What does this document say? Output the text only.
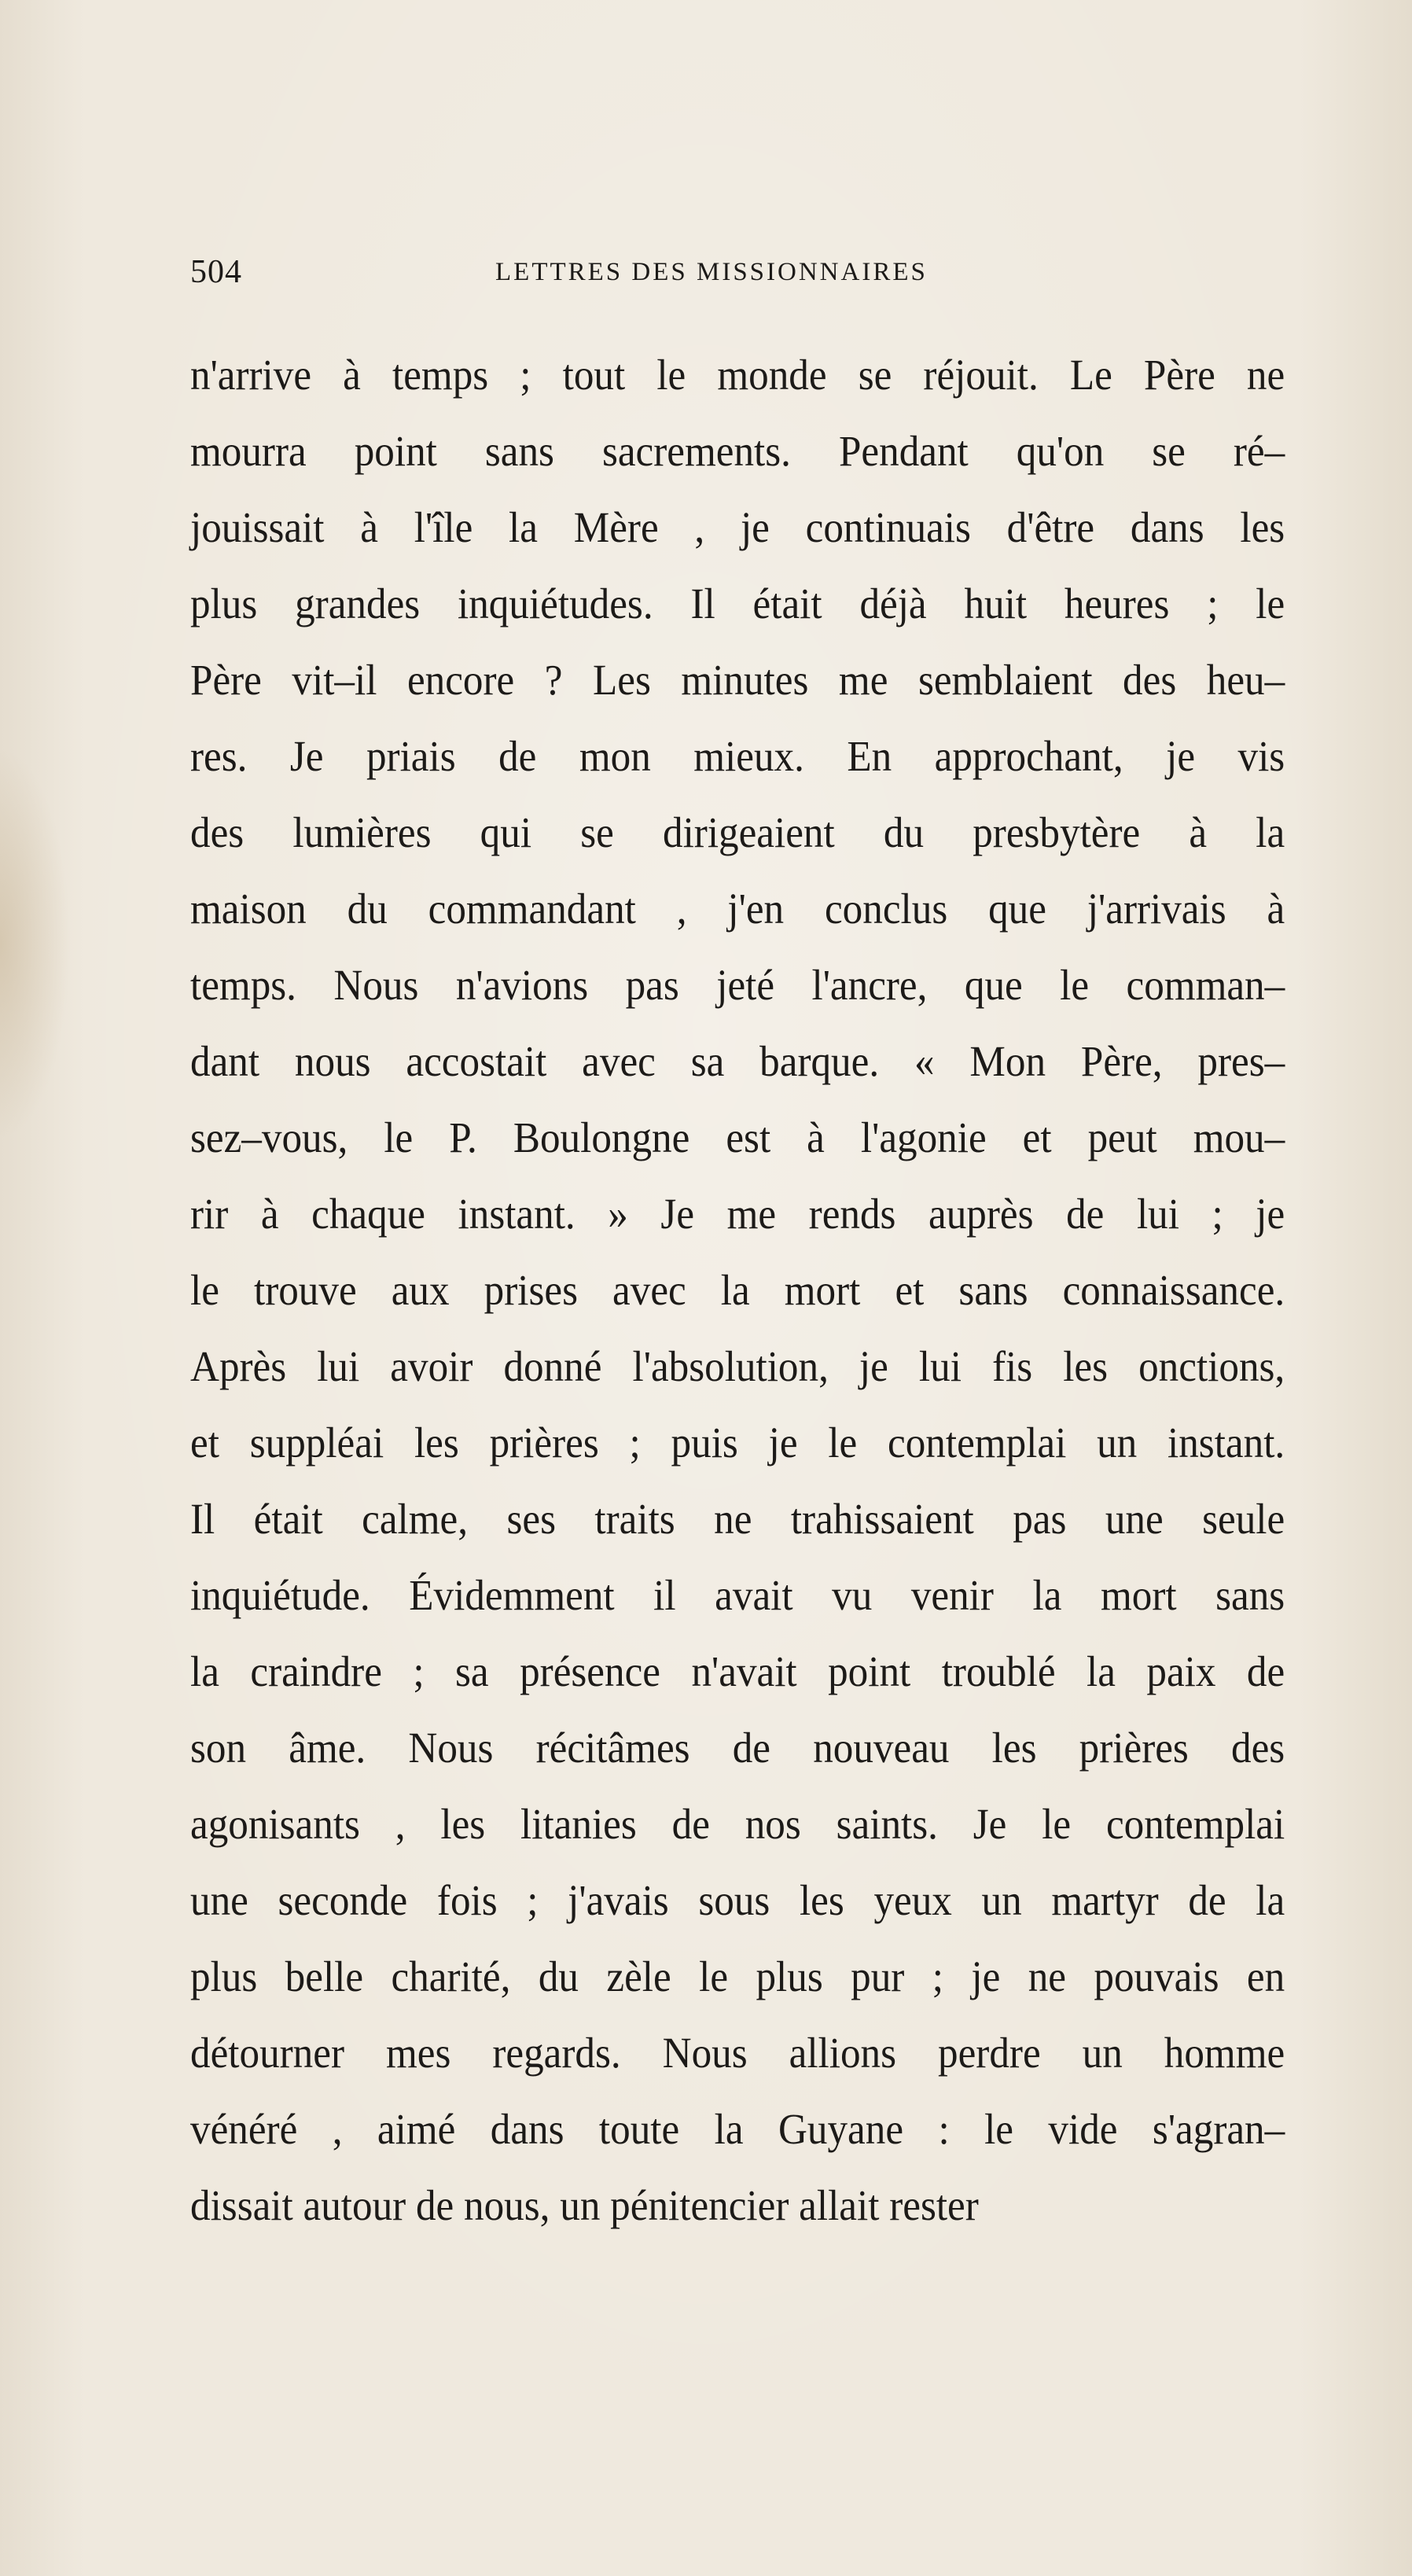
504	LETTRES DES MISSIONNAIRES
n'arrive à temps ; tout le monde se réjouit. Le Père ne
mourra point sans sacrements. Pendant qu'on se ré–
jouissait à l'île la Mère , je continuais d'être dans les
plus grandes inquiétudes. Il était déjà huit heures ; le
Père vit–il encore ? Les minutes me semblaient des heu–
res. Je priais de mon mieux. En approchant, je vis
des lumières qui se dirigeaient du presbytère à la
maison du commandant , j'en conclus que j'arrivais à
temps. Nous n'avions pas jeté l'ancre, que le comman–
dant nous accostait avec sa barque. « Mon Père, pres–
sez–vous, le P. Boulongne est à l'agonie et peut mou–
rir à chaque instant. » Je me rends auprès de lui ; je
le trouve aux prises avec la mort et sans connaissance.
Après lui avoir donné l'absolution, je lui fis les onctions,
et suppléai les prières ; puis je le contemplai un instant.
Il était calme, ses traits ne trahissaient pas une seule
inquiétude. Évidemment il avait vu venir la mort sans
la craindre ; sa présence n'avait point troublé la paix de
son âme. Nous récitâmes de nouveau les prières des
agonisants , les litanies de nos saints. Je le contemplai
une seconde fois ; j'avais sous les yeux un martyr de la
plus belle charité, du zèle le plus pur ; je ne pouvais en
détourner mes regards. Nous allions perdre un homme
vénéré , aimé dans toute la Guyane : le vide s'agran–
dissait autour de nous, un pénitencier allait rester
